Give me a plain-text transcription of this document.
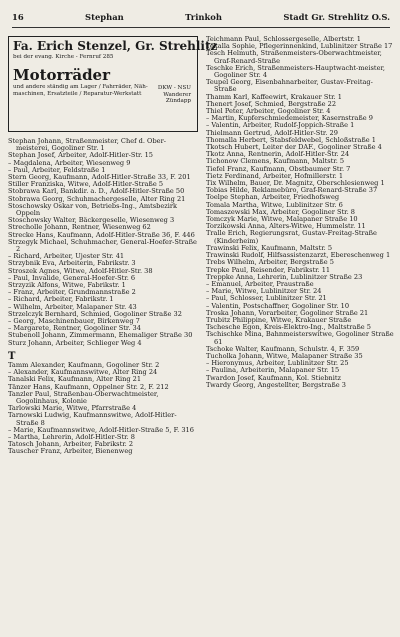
16	Stephan	Trinkoh	Stadt Gr. Strehlitz O.S.
Fa. Erich Stenzel, Gr. Strehlitz
bei der evang. Kirche - Fernruf 285
Motorräder
DKW - NSU
Wanderer
Zündapp
und andere ständig am Lager / Fahrräder, Näh-
maschinen, Ersatzteile / Reparatur-Werkstatt

Stephan Johann, Straßenmeister, Chef d. Ober-meisterei, Gogoliner Str. 1

Stephan Josef, Arbeiter, Adolf-Hitler-Str. 15

– Magdalena, Arbeiter, Wiesenweg 9

– Paul, Arbeiter, Feldstraße 1

Stern Georg, Kaufmann, Adolf-Hitler-Straße 33, F. 201

Stiller Franziska, Witwe, Adolf-Hitler-Straße 5

Stobrawa Karl, Bankdir. a. D., Adolf-Hitler-Straße 50

Stobrawa Georg, Schuhmachergeselle, Alter Ring 21

Stoschowsky Oskar von, Betriebs-Ing., Amtsbezirk Oppeln

Stoschowsky Walter, Bäckergeselle, Wiesenweg 3

Strecholle Johann, Rentner, Wiesenweg 62

Strecke Hans, Kaufmann, Adolf-Hitler-Straße 36, F. 446

Strzegyk Michael, Schuhmacher, General-Hoefer-Straße 2

– Richard, Arbeiter, Ujester Str. 41

Strzybnik Eva, Arbeiterin, Fabrikstr. 3

Stroszek Agnes, Witwe, Adolf-Hitler-Str. 38

– Paul, Invalide, General-Hoefer-Str. 6

Strzyzik Alfons, Witwe, Fabrikstr. 1

– Franz, Arbeiter, Grundmannstraße 2

– Richard, Arbeiter, Fabrikstr. 1

– Wilhelm, Arbeiter, Malapaner Str. 43

Strzelczyk Bernhard, Schmied, Gogoliner Straße 32

– Georg, Maschinenbauer, Birkenweg 7

– Margarete, Rentner, Gogoliner Str. 34

Stubenoll Johann, Zimmermann, Ehemaliger Straße 30

Sturz Johann, Arbeiter, Schlieger Weg 4

T

Tamm Alexander, Kaufmann, Gogoliner Str. 2

– Alexander, Kaufmannswitwe, Alter Ring 24

Tanalski Felix, Kaufmann, Alter Ring 21

Tänzer Hans, Kaufmann, Oppelner Str. 2, F. 212

Tanzler Paul, Straßenbau-Oberwachtmeister, Gogolinhaus, Kolonie

Tarlowski Marie, Witwe, Pfarrstraße 4

Tarnowski Ludwig, Kaufmannswitwe, Adolf-Hitler-Straße 8

– Marie, Kaufmannswitwe, Adolf-Hitler-Straße 5, F. 316

– Martha, Lehrerin, Adolf-Hitler-Str. 8

Tatosch Johann, Arbeiter, Fabrikstr. 2

Tauscher Franz, Arbeiter, Bienenweg

Teichmann Paul, Schlossergeselle, Albertstr. 1

Tekalla Sophie, Pflegerinnenkind, Lublinitzer Straße 17

Tesch Helmuth, Straßenmeisters-Oberwachtmeister, Graf-Renard-Straße

Teschke Erich, Straßenmeisters-Hauptwacht-meister, Gogoliner Str. 4

Teupel Georg, Eisenbahnarbeiter, Gustav-Freitag-Straße

Thamm Karl, Kaffeewirt, Krakauer Str. 1

Thenert Josef, Schmied, Bergstraße 22

Thiel Peter, Arbeiter, Gogoliner Str. 4

– Martin, Kupferschmiedemeister, Kasernstraße 9

– Valentin, Arbeiter, Rudolf-Joppich-Straße 1

Thielmann Gertrud, Adolf-Hitler-Str. 29

Thomalla Herbert, Stabsfeldwebel, Schloßstraße 1

Tkotsch Hubert, Leiter der DAF., Gogoliner Straße 4

Tkotz Anna, Rentnerin, Adolf-Hitler-Str. 24

Tichonow Clemens, Kaufmann, Maltstr. 5

Tiefel Franz, Kaufmann, Obstbaumer Str. 7

Tietz Ferdinand, Arbeiter, Hofmillerstr. 1

Tix Wilhelm, Bauer, Dr. Magnitz, Oberschlesienweg 1

Tobias Hilde, Reklamebüro, Graf-Renard-Straße 37

Toelpe Stephan, Arbeiter, Friedhofsweg

Tomala Martha, Witwe, Lublinitzer Str. 6

Tomaszewski Max, Arbeiter, Gogoliner Str. 8

Tomczyk Marie, Witwe, Malapaner Straße 10

Torzikowski Anna, Alters-Witwe, Hummelstr. 11

Tralle Erich, Regierungsrat, Gustav-Freitag-Straße (Kinderheim)

Trawinski Felix, Kaufmann, Maltstr. 5

Trawinski Rudolf, Hilfsassistenzarzt, Ebereschenweg 1

Trebs Wilhelm, Arbeiter, Bergstraße 5

Trepke Paul, Reisender, Fabrikstr. 11

Treppke Anna, Lehrerin, Lublinitzer Straße 23

– Emanuel, Arbeiter, Praustraße

– Marie, Witwe, Lublinitzer Str. 24

– Paul, Schlosser, Lublinitzer Str. 21

– Valentin, Postschaffner, Gogoliner Str. 10

Troska Johann, Vorarbeiter, Gogoliner Straße 21

Trubitz Philippine, Witwe, Krakauer Straße

Tschesche Egon, Kreis-Elektro-Ing., Maltstraße 5

Tschischke Mina, Bahnmeisterswitwe, Gogoliner Straße 61

Tschoke Walter, Kaufmann, Schulstr. 4, F. 359

Tucholka Johann, Witwe, Malapaner Straße 35

– Hieronymus, Arbeiter, Lublinitzer Str. 25

– Paulina, Arbeiterin, Malapaner Str. 15

Twardon Josef, Kaufmann, Kol. Stiebnitz

Twardy Georg, Angestellter, Bergstraße 3
